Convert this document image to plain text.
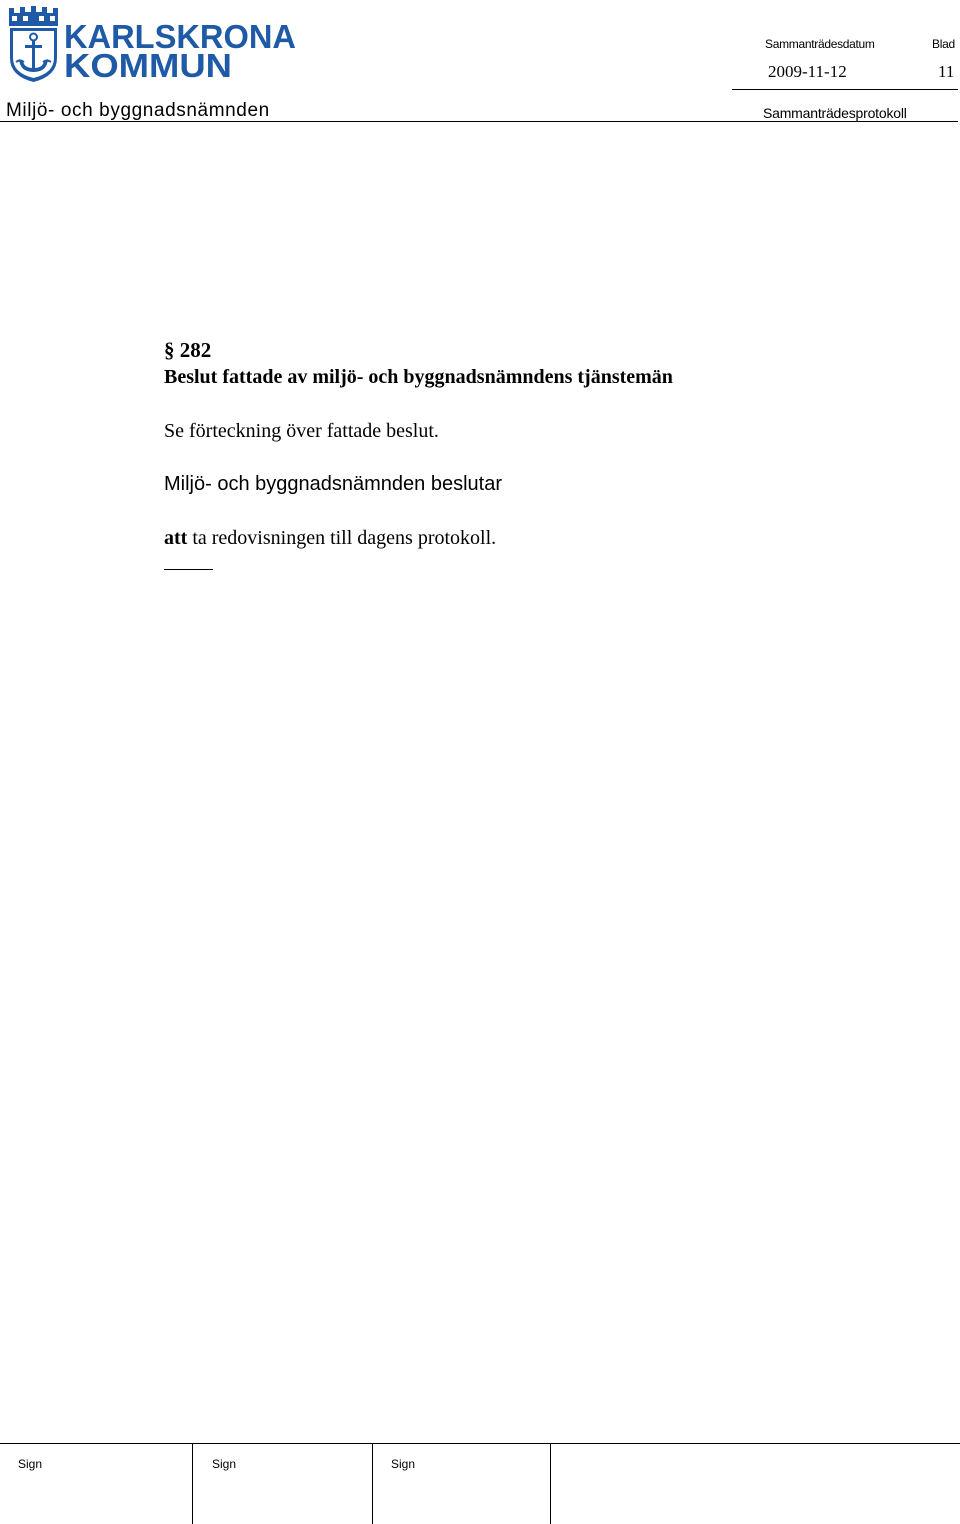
KARLSKRONA
KOMMUN
Sammanträdesdatum	Blad
2009-11-12	11
Miljö- och byggnadsnämnden	Sammanträdesprotokoll
§ 282
Beslut fattade av miljö- och byggnadsnämndens tjänstemän
Se förteckning över fattade beslut.
Miljö- och byggnadsnämnden beslutar
att ta redovisningen till dagens protokoll.
Sign	Sign	Sign
